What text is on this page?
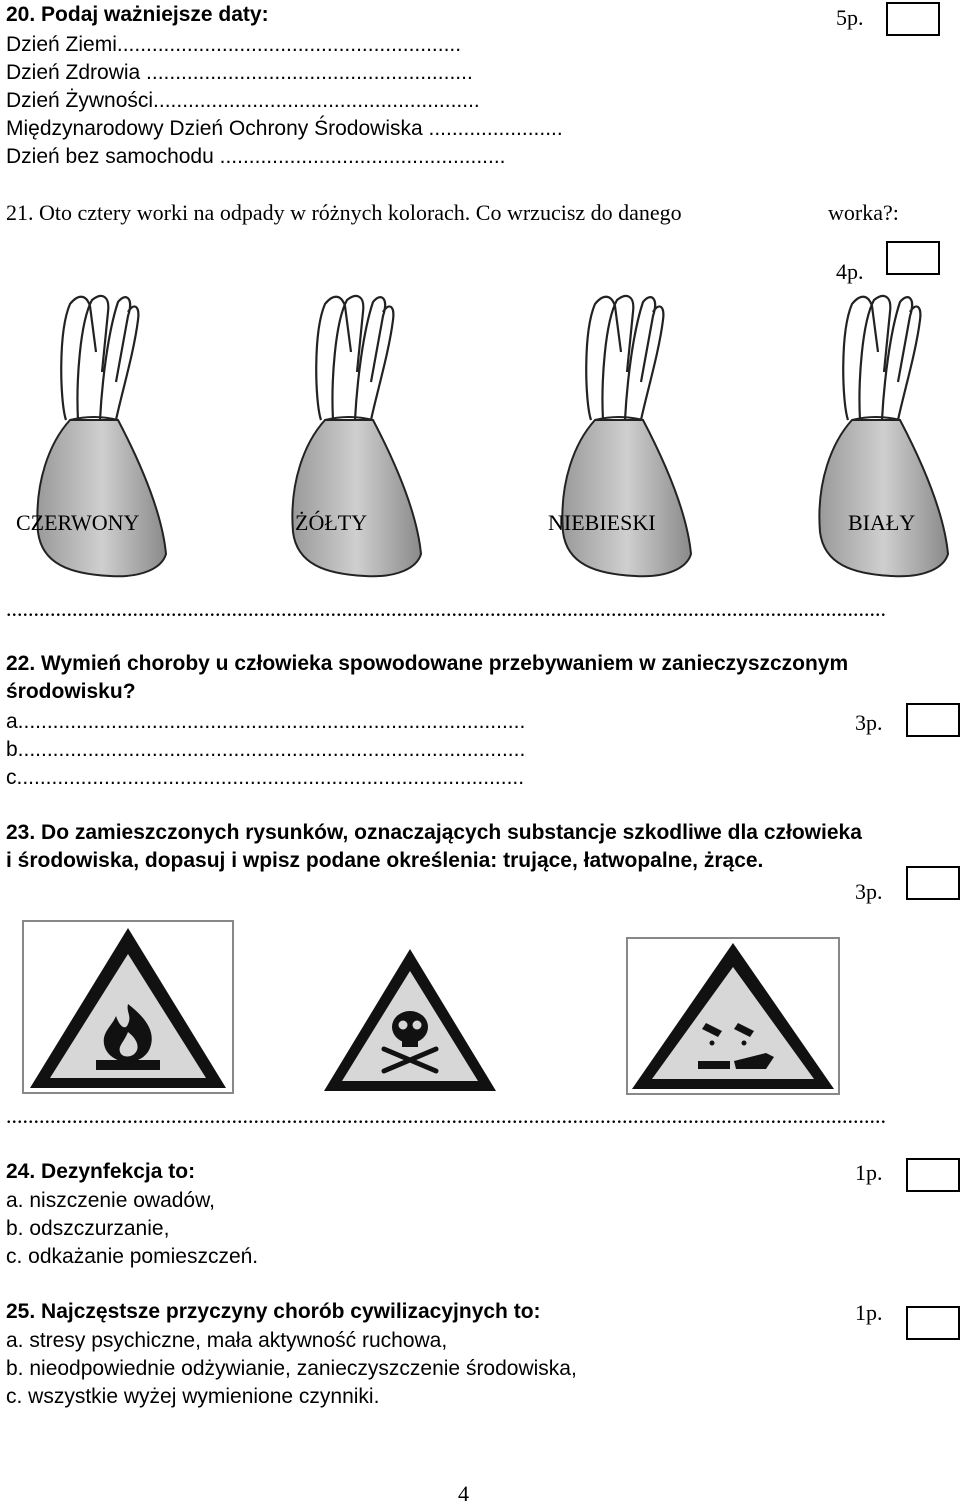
20. Podaj ważniejsze daty:	5p.
Dzień Ziemi...........................................................
Dzień Zdrowia ........................................................
Dzień Żywności........................................................
Międzynarodowy Dzień Ochrony Środowiska .......................
Dzień bez samochodu .................................................
21. Oto cztery worki na odpady w różnych kolorach. Co wrzucisz do danego	worka?:
4p.
CZERWONY	ŻÓŁTY	NIEBIESKI	BIAŁY
................................................................................................................................................................
22. Wymień choroby u człowieka spowodowane przebywaniem w zanieczyszczonym
środowisku?
3p.
a.......................................................................................
b.......................................................................................
c.......................................................................................
23. Do zamieszczonych rysunków, oznaczających substancje szkodliwe dla człowieka
i środowiska, dopasuj i wpisz podane określenia: trujące, łatwopalne, żrące.
3p.
................................................................................................................................................................
24. Dezynfekcja to:	1p.
a. niszczenie owadów,
b. odszczurzanie,
c. odkażanie pomieszczeń.
25. Najczęstsze przyczyny chorób cywilizacyjnych to:	1p.
a. stresy psychiczne, mała aktywność ruchowa,
b. nieodpowiednie odżywianie, zanieczyszczenie środowiska,
c. wszystkie wyżej wymienione czynniki.
4
